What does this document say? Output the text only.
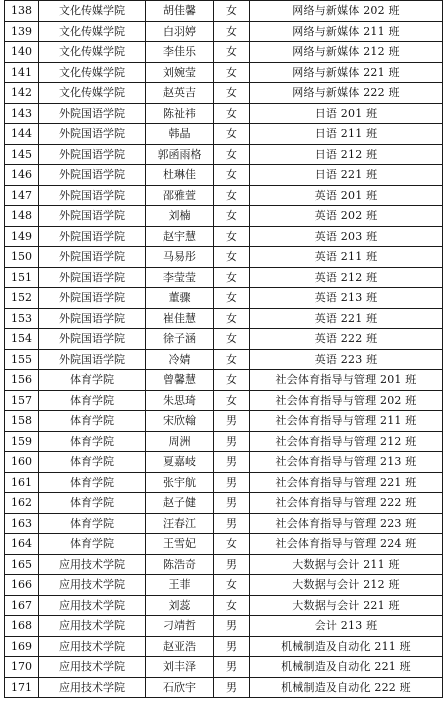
138	文化传媒学院	胡佳馨	女	网络与新媒体 202 班
139	文化传媒学院	白羽婷	女	网络与新媒体 211 班
140	文化传媒学院	李佳乐	女	网络与新媒体 212 班
141	文化传媒学院	刘婉莹	女	网络与新媒体 221 班
142	文化传媒学院	赵英吉	女	网络与新媒体 222 班
143	外院国语学院	陈祉祎	女	日语 201 班
144	外院国语学院	韩晶	女	日语 211 班
145	外院国语学院	郭函雨格	女	日语 212 班
146	外院国语学院	杜琳佳	女	日语 221 班
147	外院国语学院	邵雅萱	女	英语 201 班
148	外院国语学院	刘楠	女	英语 202 班
149	外院国语学院	赵宇慧	女	英语 203 班
150	外院国语学院	马易彤	女	英语 211 班
151	外院国语学院	李莹莹	女	英语 212 班
152	外院国语学院	董骤	女	英语 213 班
153	外院国语学院	崔佳慧	女	英语 221 班
154	外院国语学院	徐子涵	女	英语 222 班
155	外院国语学院	冷婧	女	英语 223 班
156	体育学院	曾馨慧	女	社会体育指导与管理 201 班
157	体育学院	朱思琦	女	社会体育指导与管理 202 班
158	体育学院	宋欣翰	男	社会体育指导与管理 211 班
159	体育学院	周洲	男	社会体育指导与管理 212 班
160	体育学院	夏嘉岐	男	社会体育指导与管理 213 班
161	体育学院	张宇航	男	社会体育指导与管理 221 班
162	体育学院	赵子健	男	社会体育指导与管理 222 班
163	体育学院	汪春江	男	社会体育指导与管理 223 班
164	体育学院	王雪妃	女	社会体育指导与管理 224 班
165	应用技术学院	陈浩奇	男	大数据与会计 211 班
166	应用技术学院	王菲	女	大数据与会计 212 班
167	应用技术学院	刘蕊	女	大数据与会计 221 班
168	应用技术学院	刁靖哲	男	会计 213 班
169	应用技术学院	赵亚浩	男	机械制造及自动化 211 班
170	应用技术学院	刘丰泽	男	机械制造及自动化 221 班
171	应用技术学院	石欣宇	男	机械制造及自动化 222 班
